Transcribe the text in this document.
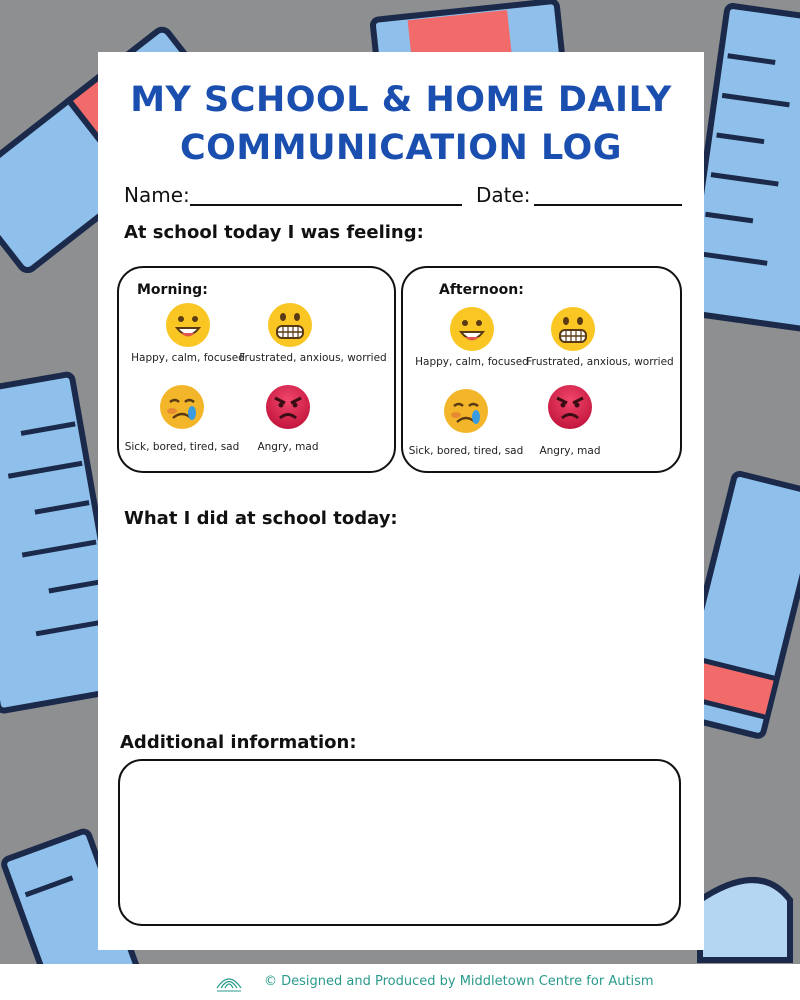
MY SCHOOL & HOME DAILY
COMMUNICATION LOG
Name:	Date:
At school today I was feeling:
Morning:
Happy, calm, focused
Frustrated, anxious, worried
Sick, bored, tired, sad	Angry, mad
Afternoon:
Happy, calm, focused
Frustrated, anxious, worried
Sick, bored, tired, sad	Angry, mad
What I did at school today:
Additional information:
© Designed and Produced by Middletown Centre for Autism
